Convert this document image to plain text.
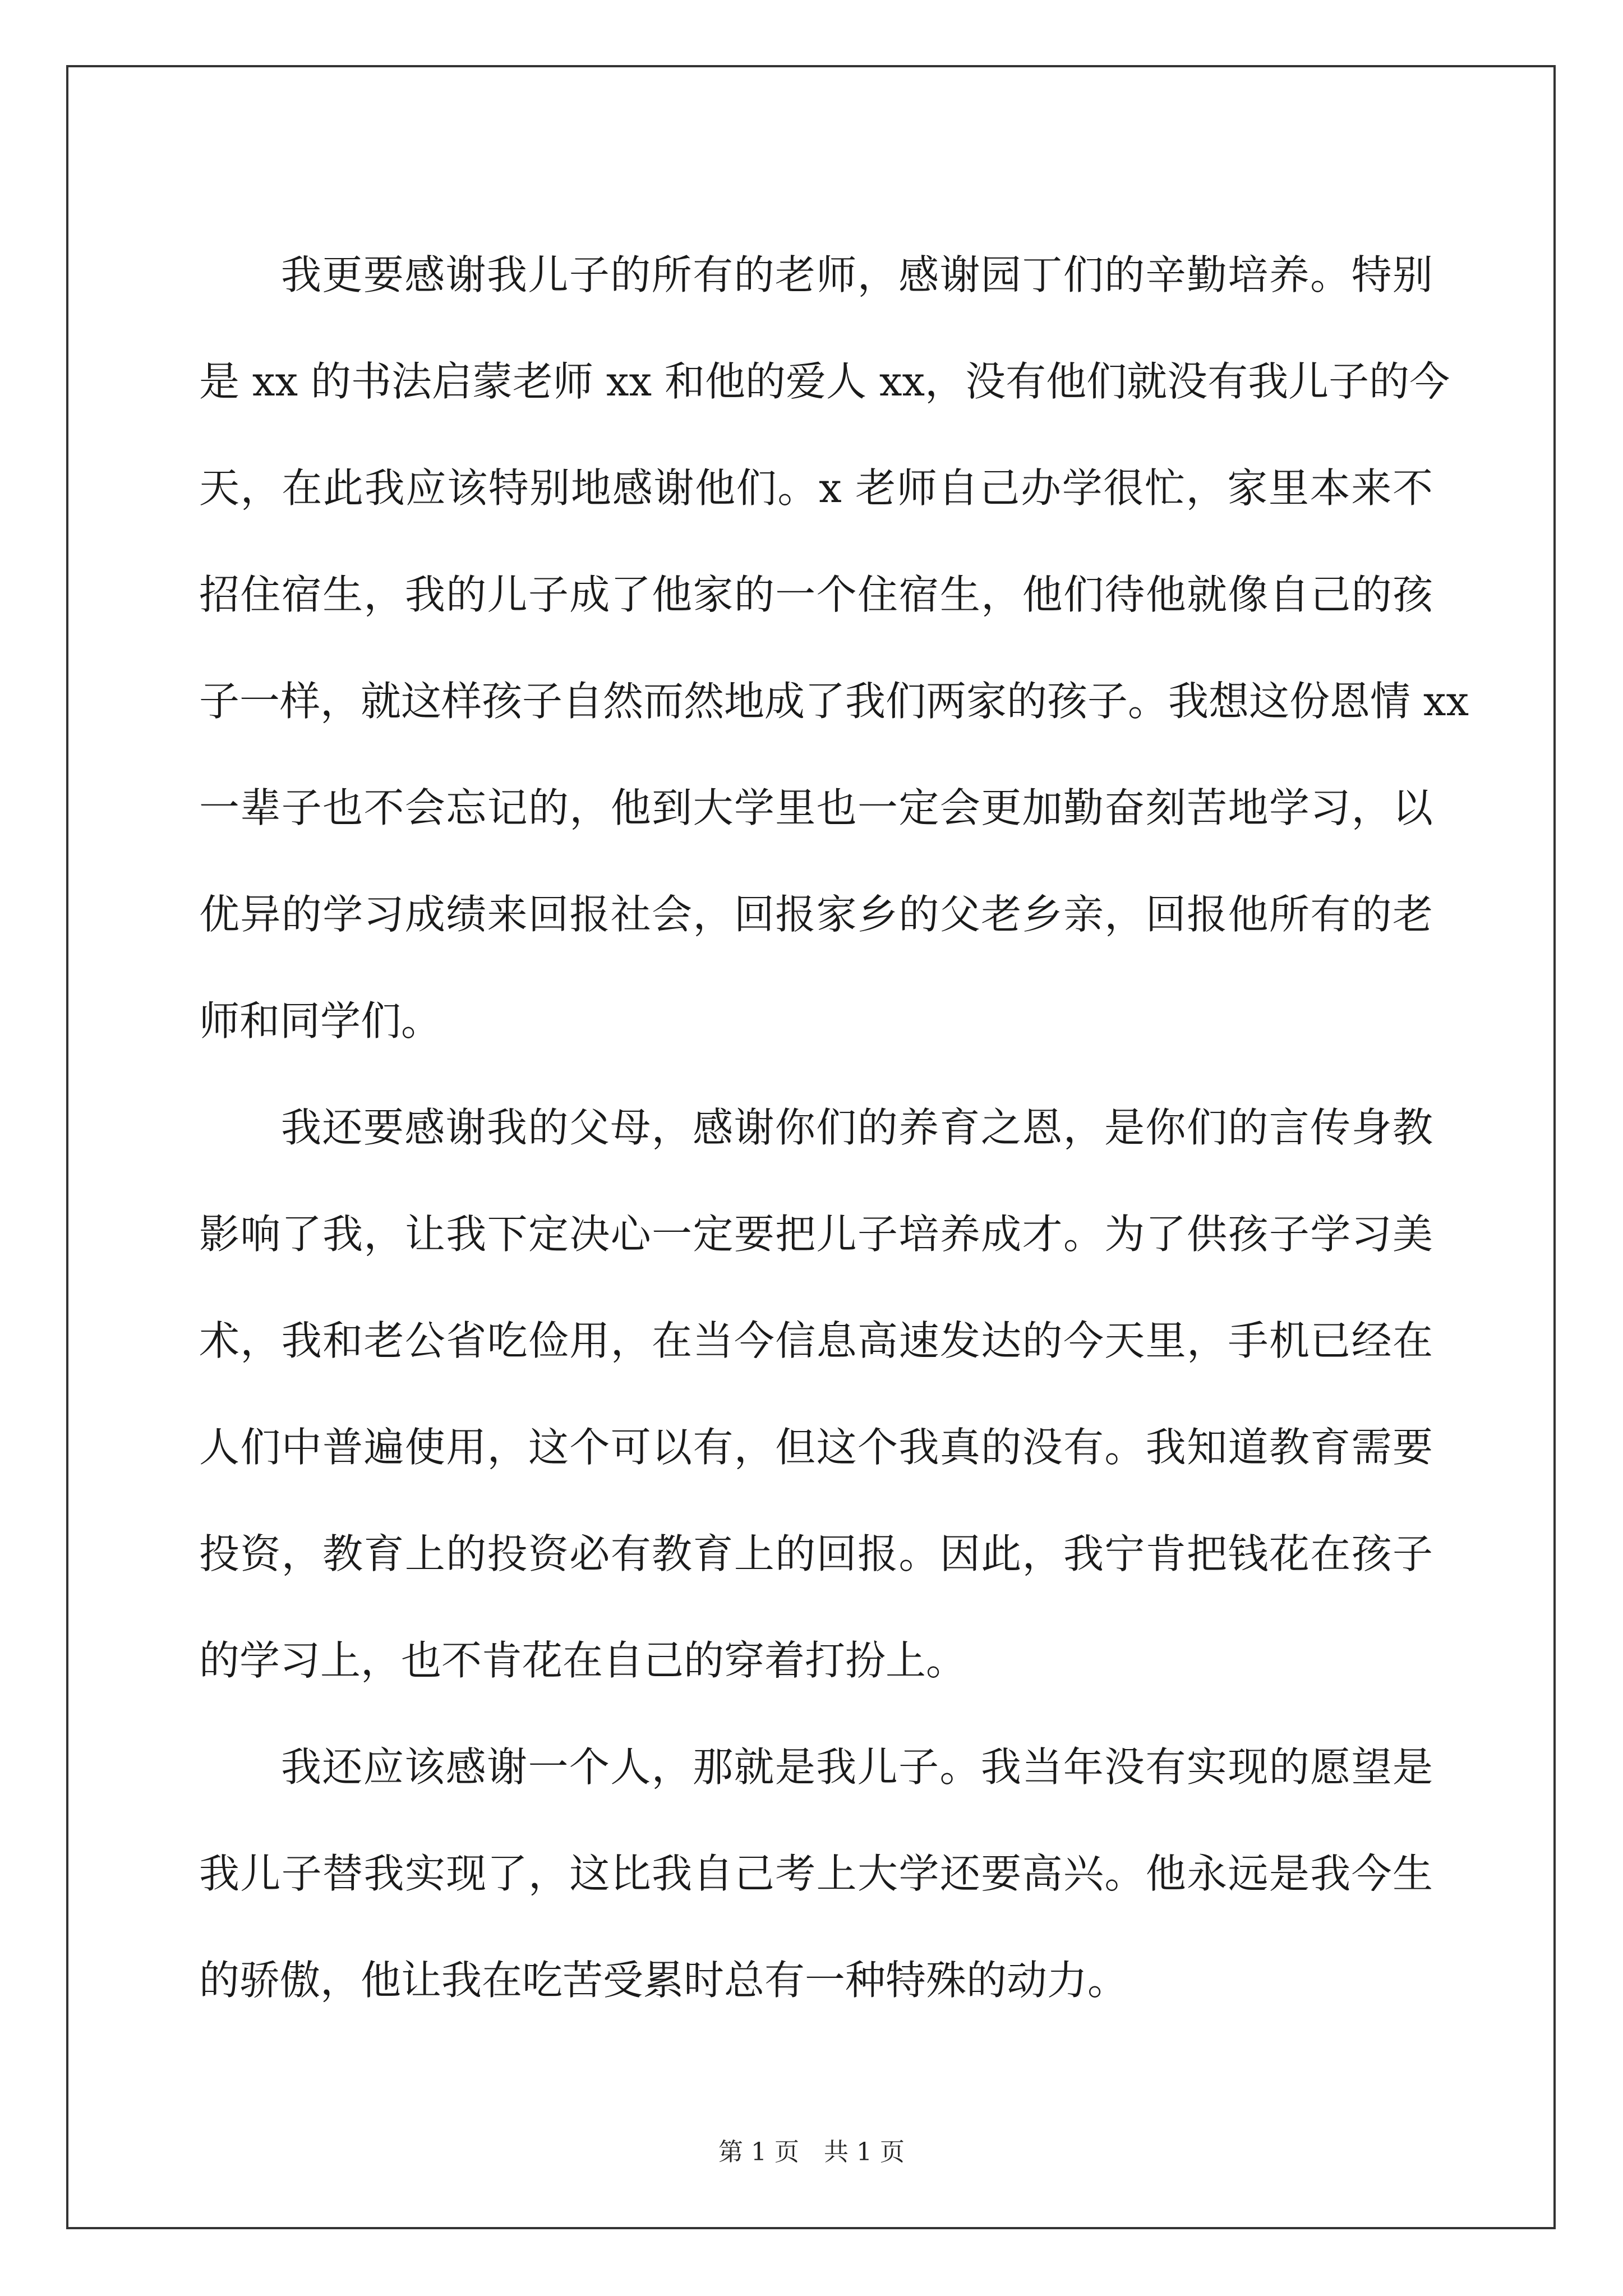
我更要感谢我儿子的所有的老师，感谢园丁们的辛勤培养。特别
是 xx 的书法启蒙老师 xx 和他的爱人 xx，没有他们就没有我儿子的今
天，在此我应该特别地感谢他们。x 老师自己办学很忙，家里本来不
招住宿生，我的儿子成了他家的一个住宿生，他们待他就像自己的孩
子一样，就这样孩子自然而然地成了我们两家的孩子。我想这份恩情 xx
一辈子也不会忘记的，他到大学里也一定会更加勤奋刻苦地学习，以
优异的学习成绩来回报社会，回报家乡的父老乡亲，回报他所有的老
师和同学们。
我还要感谢我的父母，感谢你们的养育之恩，是你们的言传身教
影响了我，让我下定决心一定要把儿子培养成才。为了供孩子学习美
术，我和老公省吃俭用，在当今信息高速发达的今天里，手机已经在
人们中普遍使用，这个可以有，但这个我真的没有。我知道教育需要
投资，教育上的投资必有教育上的回报。因此，我宁肯把钱花在孩子
的学习上，也不肯花在自己的穿着打扮上。
我还应该感谢一个人，那就是我儿子。我当年没有实现的愿望是
我儿子替我实现了，这比我自己考上大学还要高兴。他永远是我今生
的骄傲，他让我在吃苦受累时总有一种特殊的动力。
第 1 页　共 1 页
